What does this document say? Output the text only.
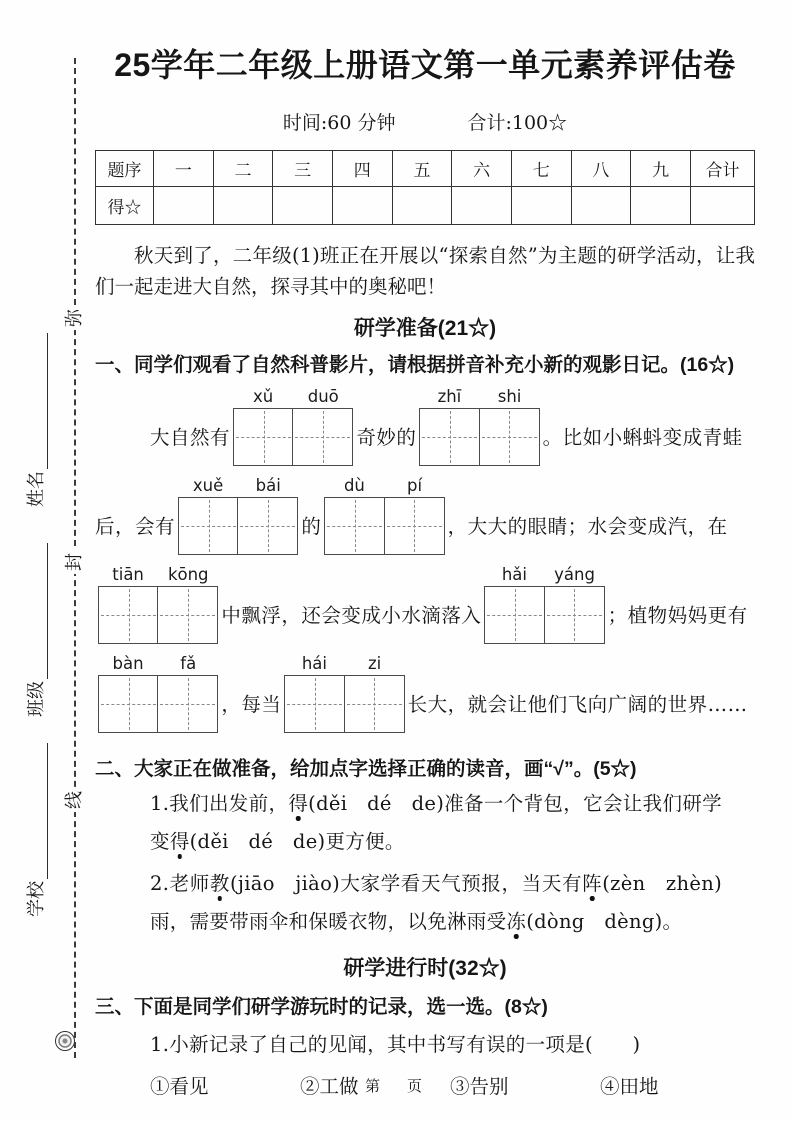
弥
封
线
姓名
班级
学校
25学年二年级上册语文第一单元素养评估卷
时间:60 分钟	合计:100☆
题序	一	二	三	四	五	六	七	八	九	合计
得☆										

秋天到了，二年级(1)班正在开展以“探索自然”为主题的研学活动，让我们一起走进大自然，探寻其中的奥秘吧！

研学准备(21☆)
一、同学们观看了自然科普影片，请根据拼音补充小新的观影日记。(16☆)
大自然有
xǔ	duō
奇妙的
zhī	shi
。比如小蝌蚪变成青蛙
后，会有
xuě	bái
的
dù	pí
，大大的眼睛；水会变成汽，在
tiān	kōng
中飘浮，还会变成小水滴落入
hǎi	yáng
；植物妈妈更有
bàn	fǎ
，每当
hái	zi
长大，就会让他们飞向广阔的世界……
二、大家正在做准备，给加点字选择正确的读音，画“√”。(5☆)
1.我们出发前，得(děi　dé　de)准备一个背包，它会让我们研学变得(děi　dé　de)更方便。
2.老师教(jiāo　jiào)大家学看天气预报，当天有阵(zèn　zhèn)雨，需要带雨伞和保暖衣物，以免淋雨受冻(dòng　dèng)。
研学进行时(32☆)
三、下面是同学们研学游玩时的记录，选一选。(8☆)
1.小新记录了自己的见闻，其中书写有误的一项是(　　)
①看见	②工做	③告别	④田地
第　页
